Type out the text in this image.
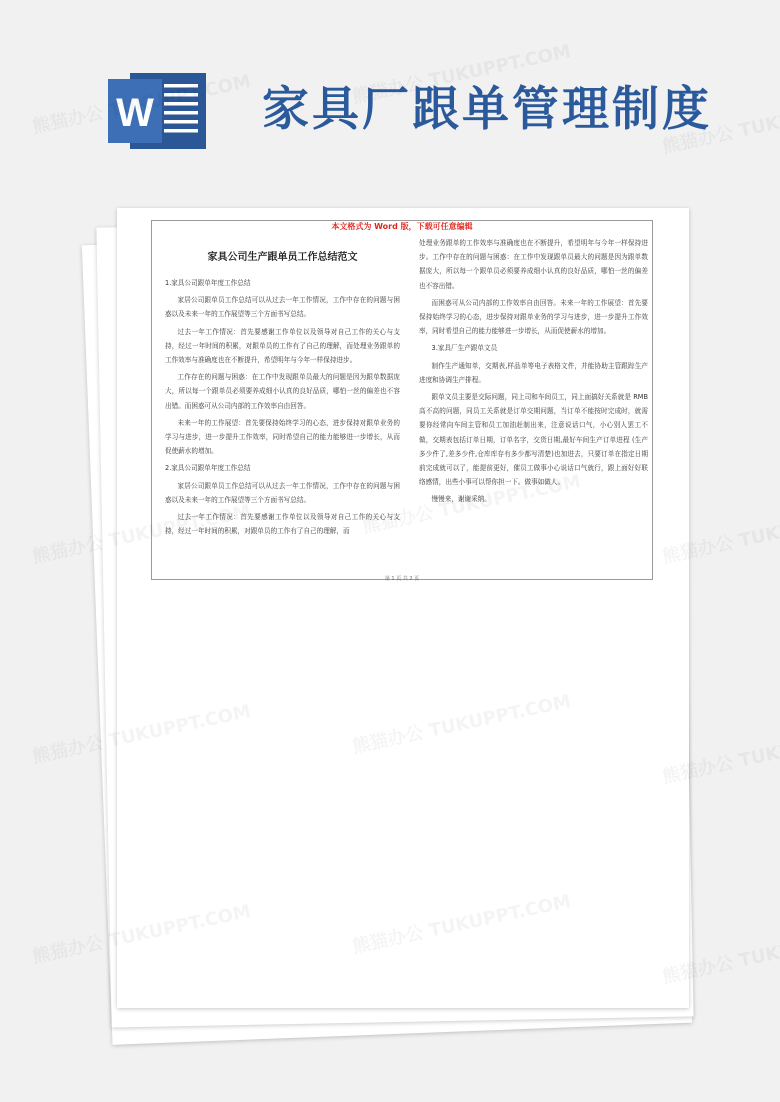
W 家具厂跟单管理制度
本文格式为 Word 版，下载可任意编辑
家具公司生产跟单员工作总结范文
1.家具公司跟单年度工作总结
家居公司跟单员工作总结可以从过去一年工作情况，工作中存在的问题与困惑以及未来一年的工作展望等三个方面书写总结。
过去一年工作情况：首先要感谢工作单位以及领导对自己工作的关心与支持，经过一年时间的积累，对跟单员的工作有了自己的理解，而处理业务跟单的工作效率与准确度也在不断提升，希望明年与今年一样保持进步。
工作存在的问题与困惑：在工作中发现跟单员最大的问题是因为跟单数据庞大，所以每一个跟单员必须要养成细小认真的良好品质，哪怕一丝的偏差也不容出错。而困惑可从公司内部的工作效率自由回答。
未来一年的工作展望：首先要保持始终学习的心态，进步保持对跟单业务的学习与进步，进一步提升工作效率，同时希望自己的能力能够进一步增长，从而促使薪水的增加。
2.家具公司跟单年度工作总结
家居公司跟单员工作总结可以从过去一年工作情况，工作中存在的问题与困惑以及未来一年的工作展望等三个方面书写总结。
过去一年工作情况：首先要感谢工作单位以及领导对自己工作的关心与支持，经过一年时间的积累，对跟单员的工作有了自己的理解，而
处理业务跟单的工作效率与准确度也在不断提升，希望明年与今年一样保持进步。工作中存在的问题与困惑：在工作中发现跟单员最大的问题是因为跟单数据庞大，所以每一个跟单员必须要养成细小认真的良好品质，哪怕一丝的偏差也不容出错。
而困惑可从公司内部的工作效率自由回答。未来一年的工作展望：首先要保持始终学习的心态，进步保持对跟单业务的学习与进步，进一步提升工作效率，同时希望自己的能力能够进一步增长，从而促使薪水的增加。
3.家具厂生产跟单文员
制作生产通知单，交期表,样品单等电子表格文件，并能协助主管跟踪生产进度和协调生产排程。
跟单文员主要是交际问题，同上司和车间员工，同上面搞好关系就是 RMB 高不高的问题，同员工关系就是订单交期问题，当订单不能按时完成时，就需要你经常向车间主管和员工加油赶制出来，注意说话口气，小心别人罢工不做，交期表包括订单日期，订单名字，交货日期,最好车间生产订单进程 (生产多少件了,差多少件,仓库库存有多少都写清楚)也加进去，只要订单在指定日期前完成就可以了，能提前更好，催员工做事小心说话口气就行，跟上面好好联络感情，出些小事可以帮你担一下。做事如做人。
慢慢来，谢谢采纳。
第 1 页 共 2 页
